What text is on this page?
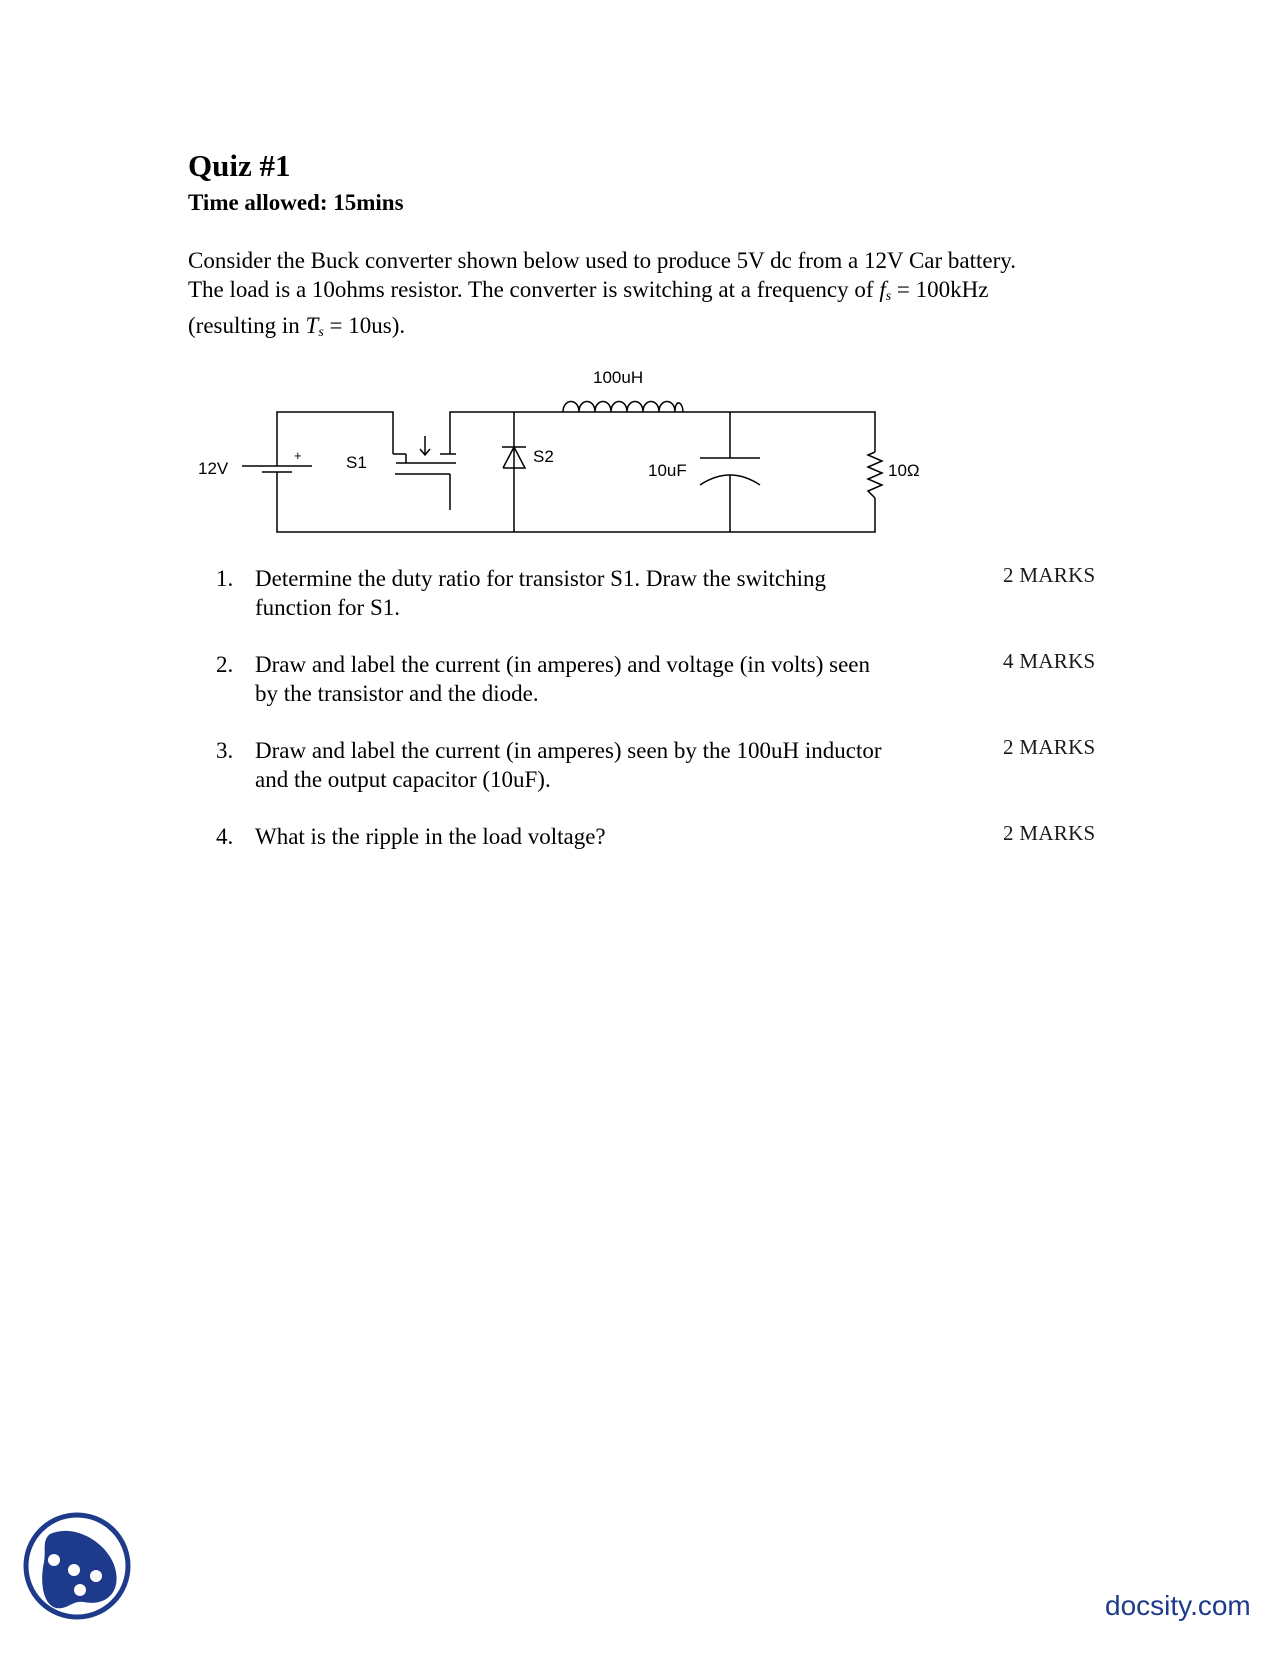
Quiz #1
Time allowed: 15mins
Consider the Buck converter shown below used to produce 5V dc from a 12V Car battery.
The load is a 10ohms resistor. The converter is switching at a frequency of $f_s = 100kHz$
(resulting in $T_s = 10us$).
12V
+	S1	S2
100uH
10uF	10Ω
1. Determine the duty ratio for transistor S1. Draw the switching
function for S1.
2 MARKS
2. Draw and label the current (in amperes) and voltage (in volts) seen
by the transistor and the diode.
4 MARKS
3. Draw and label the current (in amperes) seen by the 100uH inductor
and the output capacitor (10uF).
2 MARKS
4. What is the ripple in the load voltage?	2 MARKS
docsity.com
